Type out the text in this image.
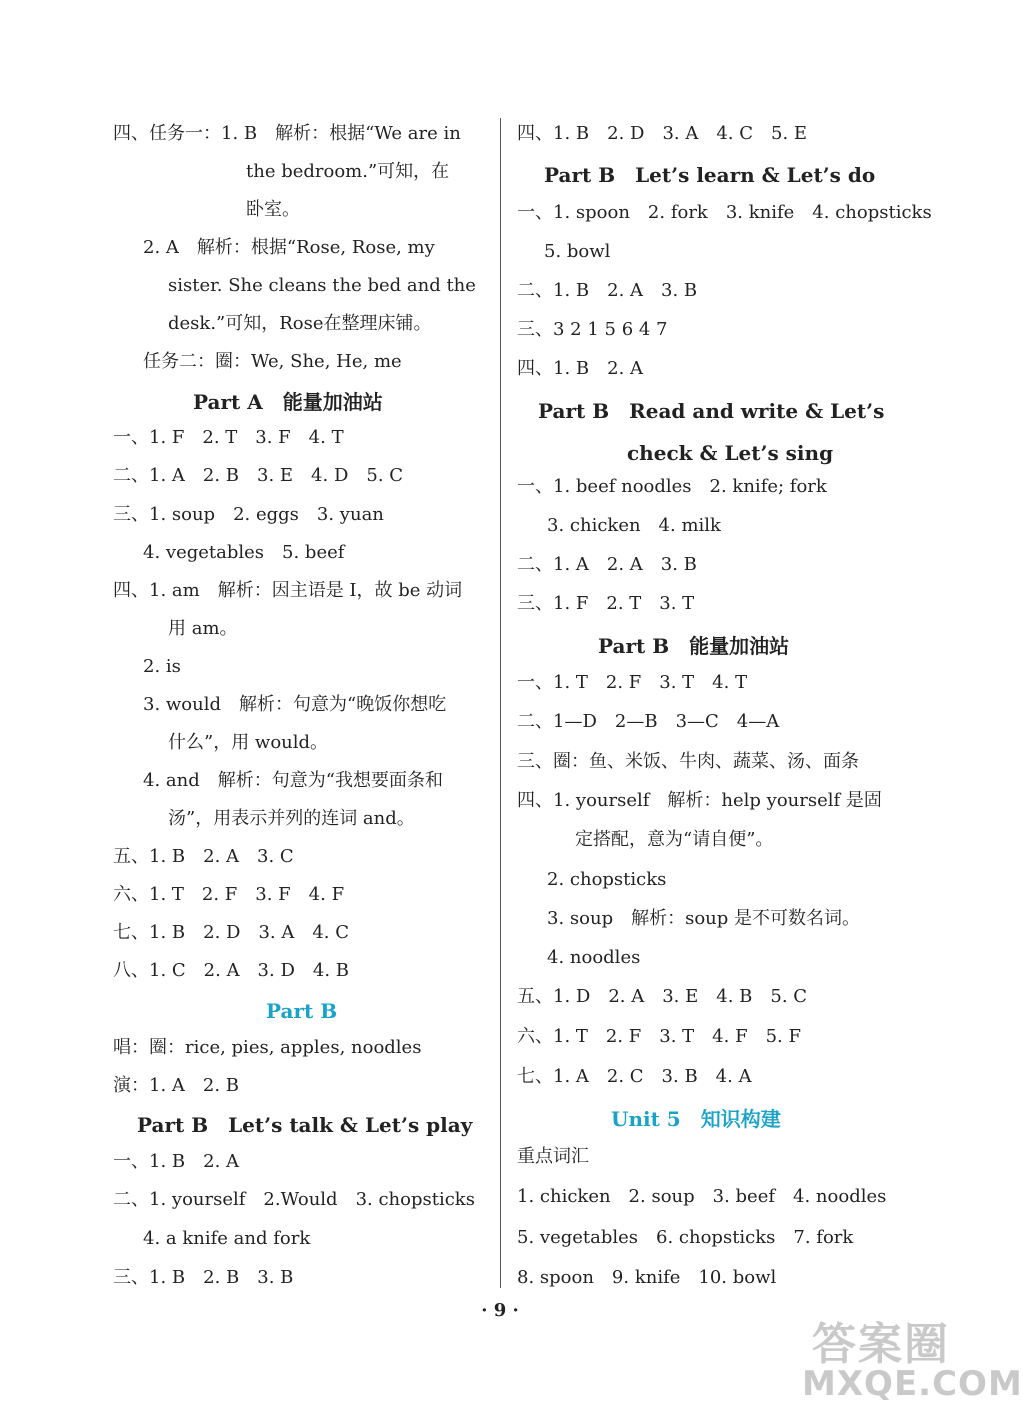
四、任务一：1. B　解析：根据“We are in
the bedroom.”可知，在
卧室。
2. A　解析：根据“Rose, Rose, my
sister. She cleans the bed and the
desk.”可知，Rose在整理床铺。
任务二：圈：We, She, He, me
Part A　能量加油站
一、1. F　2. T　3. F　4. T
二、1. A　2. B　3. E　4. D　5. C
三、1. soup　2. eggs　3. yuan
4. vegetables　5. beef
四、1. am　解析：因主语是 I，故 be 动词
用 am。
2. is
3. would　解析：句意为“晚饭你想吃
什么”，用 would。
4. and　解析：句意为“我想要面条和
汤”，用表示并列的连词 and。
五、1. B　2. A　3. C
六、1. T　2. F　3. F　4. F
七、1. B　2. D　3. A　4. C
八、1. C　2. A　3. D　4. B
Part B
唱：圈：rice, pies, apples, noodles
演：1. A　2. B
Part B　Let’s talk & Let’s play
一、1. B　2. A
二、1. yourself　2.Would　3. chopsticks
4. a knife and fork
三、1. B　2. B　3. B
四、1. B　2. D　3. A　4. C　5. E
Part B　Let’s learn & Let’s do
一、1. spoon　2. fork　3. knife　4. chopsticks
5. bowl
二、1. B　2. A　3. B
三、3 2 1 5 6 4 7
四、1. B　2. A
Part B　Read and write & Let’s
check & Let’s sing
一、1. beef noodles　2. knife; fork
3. chicken　4. milk
二、1. A　2. A　3. B
三、1. F　2. T　3. T
Part B　能量加油站
一、1. T　2. F　3. T　4. T
二、1—D　2—B　3—C　4—A
三、圈：鱼、米饭、牛肉、蔬菜、汤、面条
四、1. yourself　解析：help yourself 是固
定搭配，意为“请自便”。
2. chopsticks
3. soup　解析：soup 是不可数名词。
4. noodles
五、1. D　2. A　3. E　4. B　5. C
六、1. T　2. F　3. T　4. F　5. F
七、1. A　2. C　3. B　4. A
Unit 5　知识构建
重点词汇
1. chicken　2. soup　3. beef　4. noodles
5. vegetables　6. chopsticks　7. fork
8. spoon　9. knife　10. bowl
· 9 ·
答案圈
MXQE.COM
